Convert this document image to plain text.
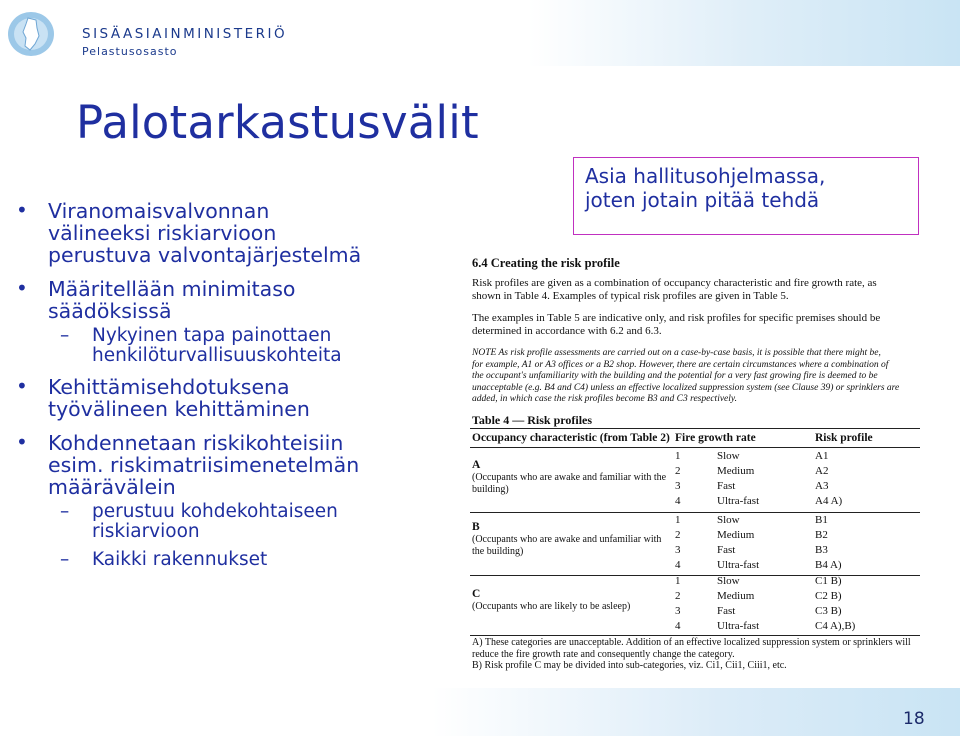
SISÄASIAINMINISTERIÖ
Pelastusosasto
Palotarkastusvälit
• Viranomaisvalvonnan
välineeksi riskiarvioon
perustuva valvontajärjestelmä
• Määritellään minimitaso
säädöksissä
– Nykyinen tapa painottaen
henkilöturvallisuuskohteita
• Kehittämisehdotuksena
työvälineen kehittäminen
• Kohdennetaan riskikohteisiin
esim. riskimatriisimenetelmän
määrävälein
– perustuu kohdekohtaiseen
riskiarvioon
– Kaikki rakennukset
Asia hallitusohjelmassa,
joten jotain pitää tehdä
6.4 Creating the risk profile
Risk profiles are given as a combination of occupancy characteristic and fire growth rate, as
shown in Table 4. Examples of typical risk profiles are given in Table 5.
The examples in Table 5 are indicative only, and risk profiles for specific premises should be
determined in accordance with 6.2 and 6.3.
NOTE As risk profile assessments are carried out on a case-by-case basis, it is possible that there might be,
for example, A1 or A3 offices or a B2 shop. However, there are certain circumstances where a combination of
the occupant's unfamiliarity with the building and the potential for a very fast growing fire is deemed to be
unacceptable (e.g. B4 and C4) unless an effective localized suppression system (see Clause 39) or sprinklers are
added, in which case the risk profiles become B3 and C3 respectively.
Table 4 — Risk profiles
Occupancy characteristic (from Table 2) Fire growth rate	Risk profile
A
(Occupants who are awake and familiar with the
building)
1	Slow	A1
2	Medium	A2
3	Fast	A3
4	Ultra-fast	A4 A)
B
(Occupants who are awake and unfamiliar with
the building)
1	Slow	B1
2	Medium	B2
3	Fast	B3
4	Ultra-fast	B4 A)
C
(Occupants who are likely to be asleep)
1	Slow	C1 B)
2	Medium	C2 B)
3	Fast	C3 B)
4	Ultra-fast	C4 A),B)
A) These categories are unacceptable. Addition of an effective localized suppression system or sprinklers will
reduce the fire growth rate and consequently change the category.
B) Risk profile C may be divided into sub-categories, viz. Ci1, Cii1, Ciii1, etc.
18
